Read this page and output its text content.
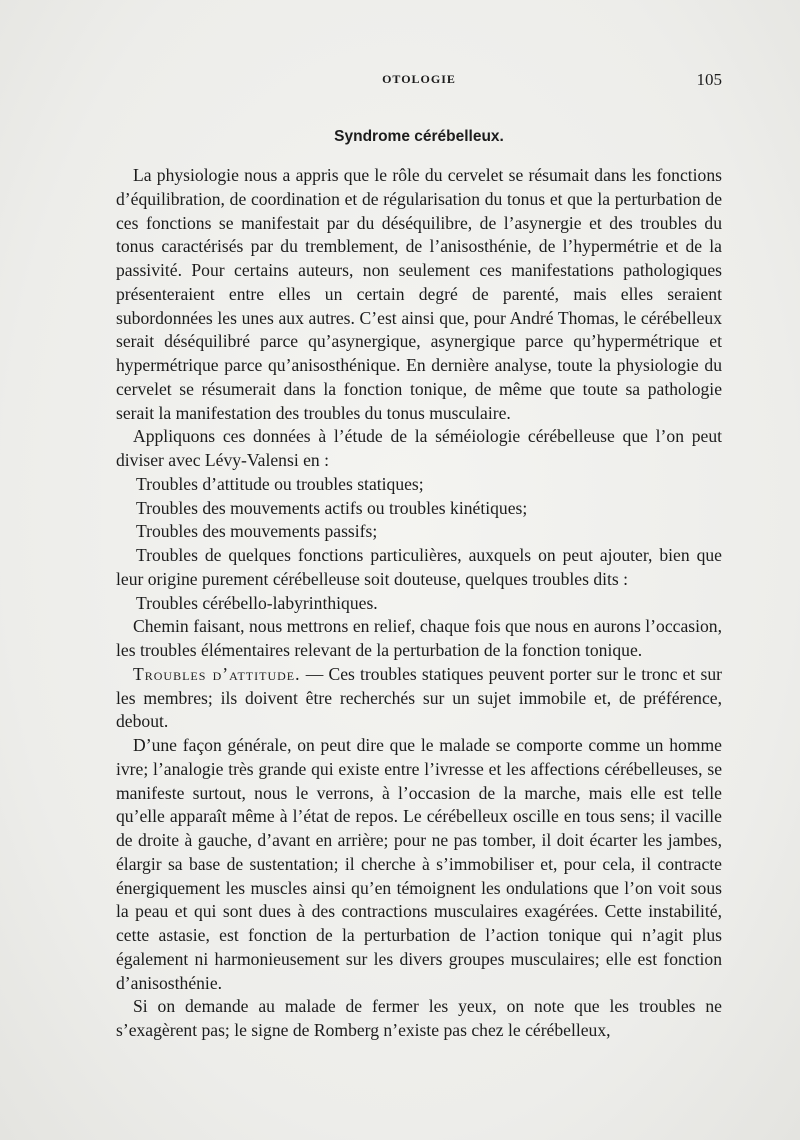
OTOLOGIE	105
Syndrome cérébelleux.

La physiologie nous a appris que le rôle du cervelet se résumait dans les fonctions d’équilibration, de coordination et de régularisation du tonus et que la perturbation de ces fonctions se manifestait par du déséquilibre, de l’asynergie et des troubles du tonus caractérisés par du tremblement, de l’anisosthénie, de l’hypermétrie et de la passivité. Pour certains auteurs, non seulement ces manifestations pathologiques présenteraient entre elles un certain degré de parenté, mais elles seraient subordonnées les unes aux autres. C’est ainsi que, pour André Thomas, le cérébelleux serait déséquilibré parce qu’asynergique, asynergique parce qu’hypermétrique et hypermétrique parce qu’anisosthénique. En dernière analyse, toute la physiologie du cervelet se résumerait dans la fonction tonique, de même que toute sa pathologie serait la manifestation des troubles du tonus musculaire.

Appliquons ces données à l’étude de la séméiologie cérébelleuse que l’on peut diviser avec Lévy-Valensi en :

Troubles d’attitude ou troubles statiques;

Troubles des mouvements actifs ou troubles kinétiques;

Troubles des mouvements passifs;

Troubles de quelques fonctions particulières, auxquels on peut ajouter, bien que leur origine purement cérébelleuse soit douteuse, quelques troubles dits :

Troubles cérébello-labyrinthiques.

Chemin faisant, nous mettrons en relief, chaque fois que nous en aurons l’occasion, les troubles élémentaires relevant de la perturbation de la fonction tonique.

Troubles d’attitude. — Ces troubles statiques peuvent porter sur le tronc et sur les membres; ils doivent être recherchés sur un sujet immobile et, de préférence, debout.

D’une façon générale, on peut dire que le malade se comporte comme un homme ivre; l’analogie très grande qui existe entre l’ivresse et les affections cérébelleuses, se manifeste surtout, nous le verrons, à l’occasion de la marche, mais elle est telle qu’elle apparaît même à l’état de repos. Le cérébelleux oscille en tous sens; il vacille de droite à gauche, d’avant en arrière; pour ne pas tomber, il doit écarter les jambes, élargir sa base de sustentation; il cherche à s’immobiliser et, pour cela, il contracte énergiquement les muscles ainsi qu’en témoignent les ondulations que l’on voit sous la peau et qui sont dues à des contractions musculaires exagérées. Cette instabilité, cette astasie, est fonction de la perturbation de l’action tonique qui n’agit plus également ni harmonieusement sur les divers groupes musculaires; elle est fonction d’anisosthénie.

Si on demande au malade de fermer les yeux, on note que les troubles ne s’exagèrent pas; le signe de Romberg n’existe pas chez le cérébelleux,
